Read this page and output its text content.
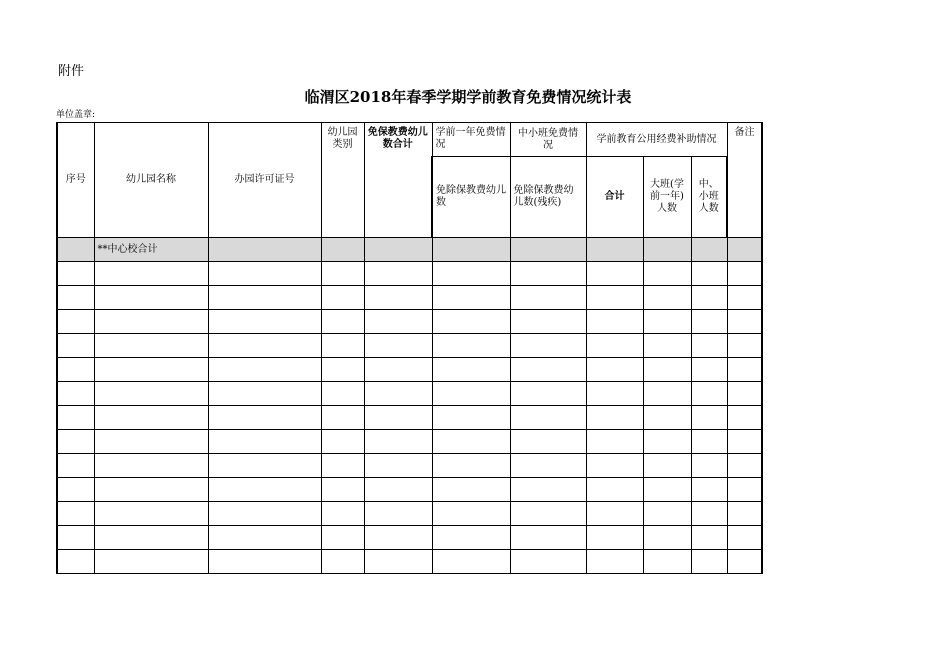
附件
临渭区2018年春季学期学前教育免费情况统计表
单位盖章:
序号	幼儿园名称	办园许可证号	幼儿园类别	免保教费幼儿数合计	学前一年免费情况	中小班免费情况	学前教育公用经费补助情况			备注
					免除保教费幼儿数	免除保教费幼儿数(残疾)	合计	大班(学前一年)人数	中、小班人数	
	**中心校合计									
